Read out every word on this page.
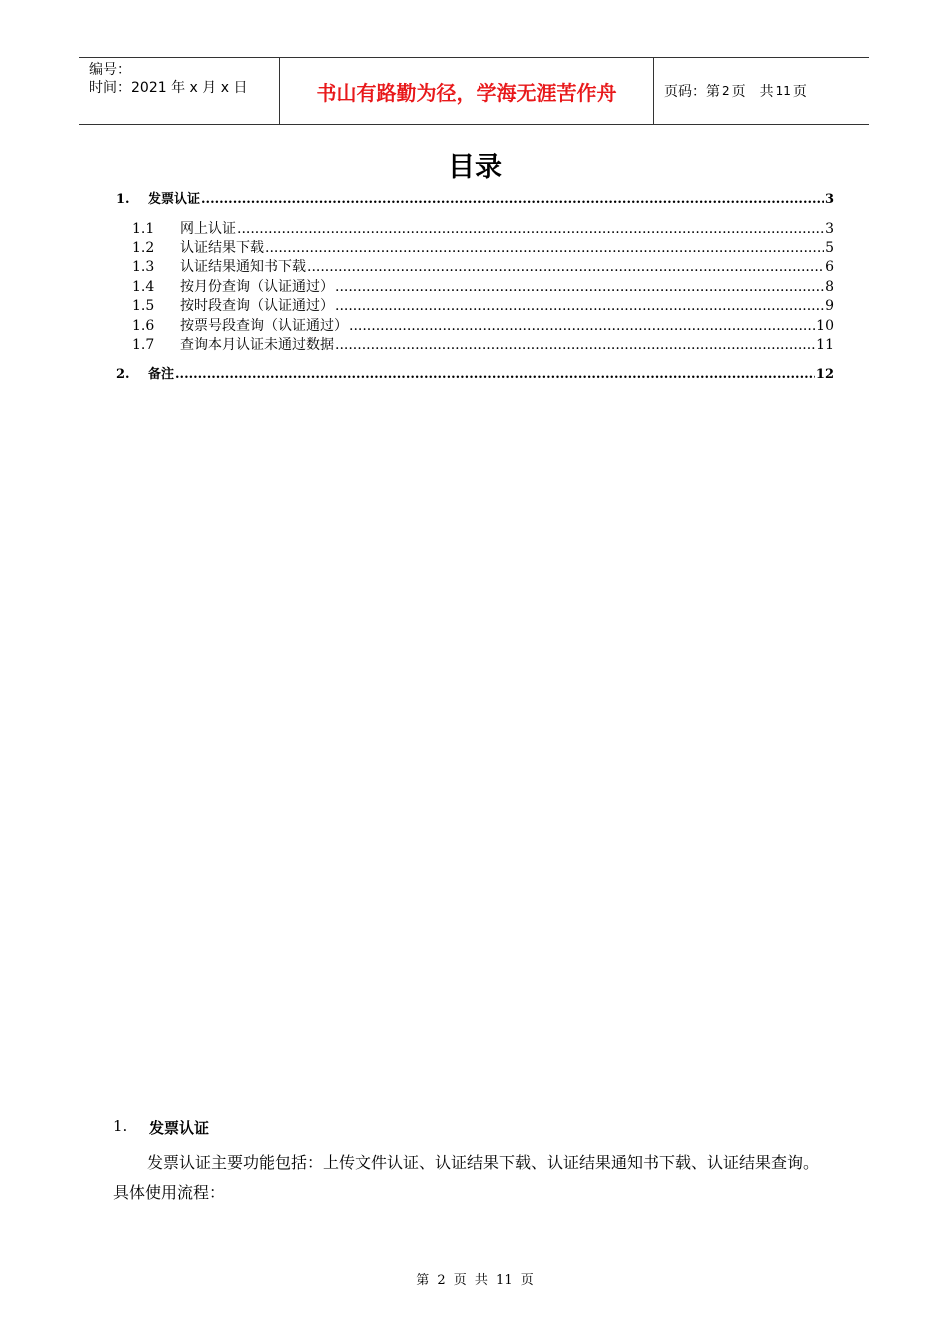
编号：
时间：2021 年 x 月 x 日	书山有路勤为径，学海无涯苦作舟	页码：第 2 页　共 11 页
目录
1.	发票认证 .....	3
1.1	网上认证 .....	3
1.2	认证结果下载 .....	5
1.3	认证结果通知书下载 .....	6
1.4	按月份查询（认证通过） .....	8
1.5	按时段查询（认证通过） .....	9
1.6	按票号段查询（认证通过） .....	10
1.7	查询本月认证未通过数据 .....	11
2.	备注 .....	12
1.	发票认证
发票认证主要功能包括：上传文件认证、认证结果下载、认证结果通知书下载、认证结果查询。具体使用流程：
第 2 页 共 11 页
